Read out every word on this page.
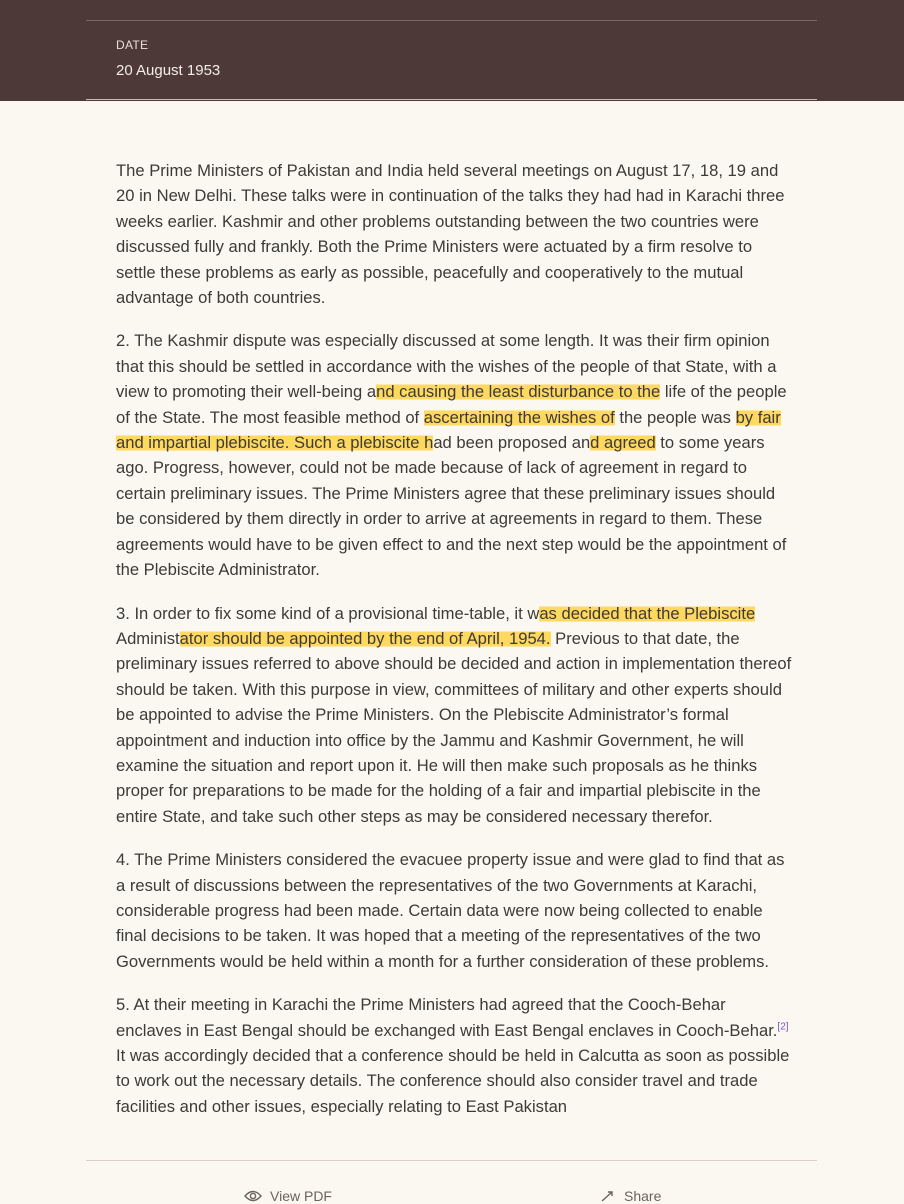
DATE
20 August 1953

The Prime Ministers of Pakistan and India held several meetings on August 17, 18, 19 and 20 in New Delhi. These talks were in continuation of the talks they had had in Karachi three weeks earlier. Kashmir and other problems outstanding between the two countries were discussed fully and frankly. Both the Prime Ministers were actuated by a firm resolve to settle these problems as early as possible, peacefully and cooperatively to the mutual advantage of both countries.

2. The Kashmir dispute was especially discussed at some length. It was their firm opinion that this should be settled in accordance with the wishes of the people of that State, with a view to promoting their well-being and causing the least disturbance to the life of the people of the State. The most feasible method of ascertaining the wishes of the people was by fair and impartial plebiscite. Such a plebiscite had been proposed and agreed to some years ago. Progress, however, could not be made because of lack of agreement in regard to certain preliminary issues. The Prime Ministers agree that these preliminary issues should be considered by them directly in order to arrive at agreements in regard to them. These agreements would have to be given effect to and the next step would be the appointment of the Plebiscite Administrator.

3. In order to fix some kind of a provisional time-table, it was decided that the Plebiscite Administator should be appointed by the end of April, 1954. Previous to that date, the preliminary issues referred to above should be decided and action in implementation thereof should be taken. With this purpose in view, committees of military and other experts should be appointed to advise the Prime Ministers. On the Plebiscite Administrator’s formal appointment and induction into office by the Jammu and Kashmir Government, he will examine the situation and report upon it. He will then make such proposals as he thinks proper for preparations to be made for the holding of a fair and impartial plebiscite in the entire State, and take such other steps as may be considered necessary therefor.

4. The Prime Ministers considered the evacuee property issue and were glad to find that as a result of discussions between the representatives of the two Governments at Karachi, considerable progress had been made. Certain data were now being collected to enable final decisions to be taken. It was hoped that a meeting of the representatives of the two Governments would be held within a month for a further consideration of these problems.

5. At their meeting in Karachi the Prime Ministers had agreed that the Cooch-Behar enclaves in East Bengal should be exchanged with East Bengal enclaves in Cooch-Behar.[2] It was accordingly decided that a conference should be held in Calcutta as soon as possible to work out the necessary details. The conference should also consider travel and trade facilities and other issues, especially relating to East Pakistan

View PDF	Share
